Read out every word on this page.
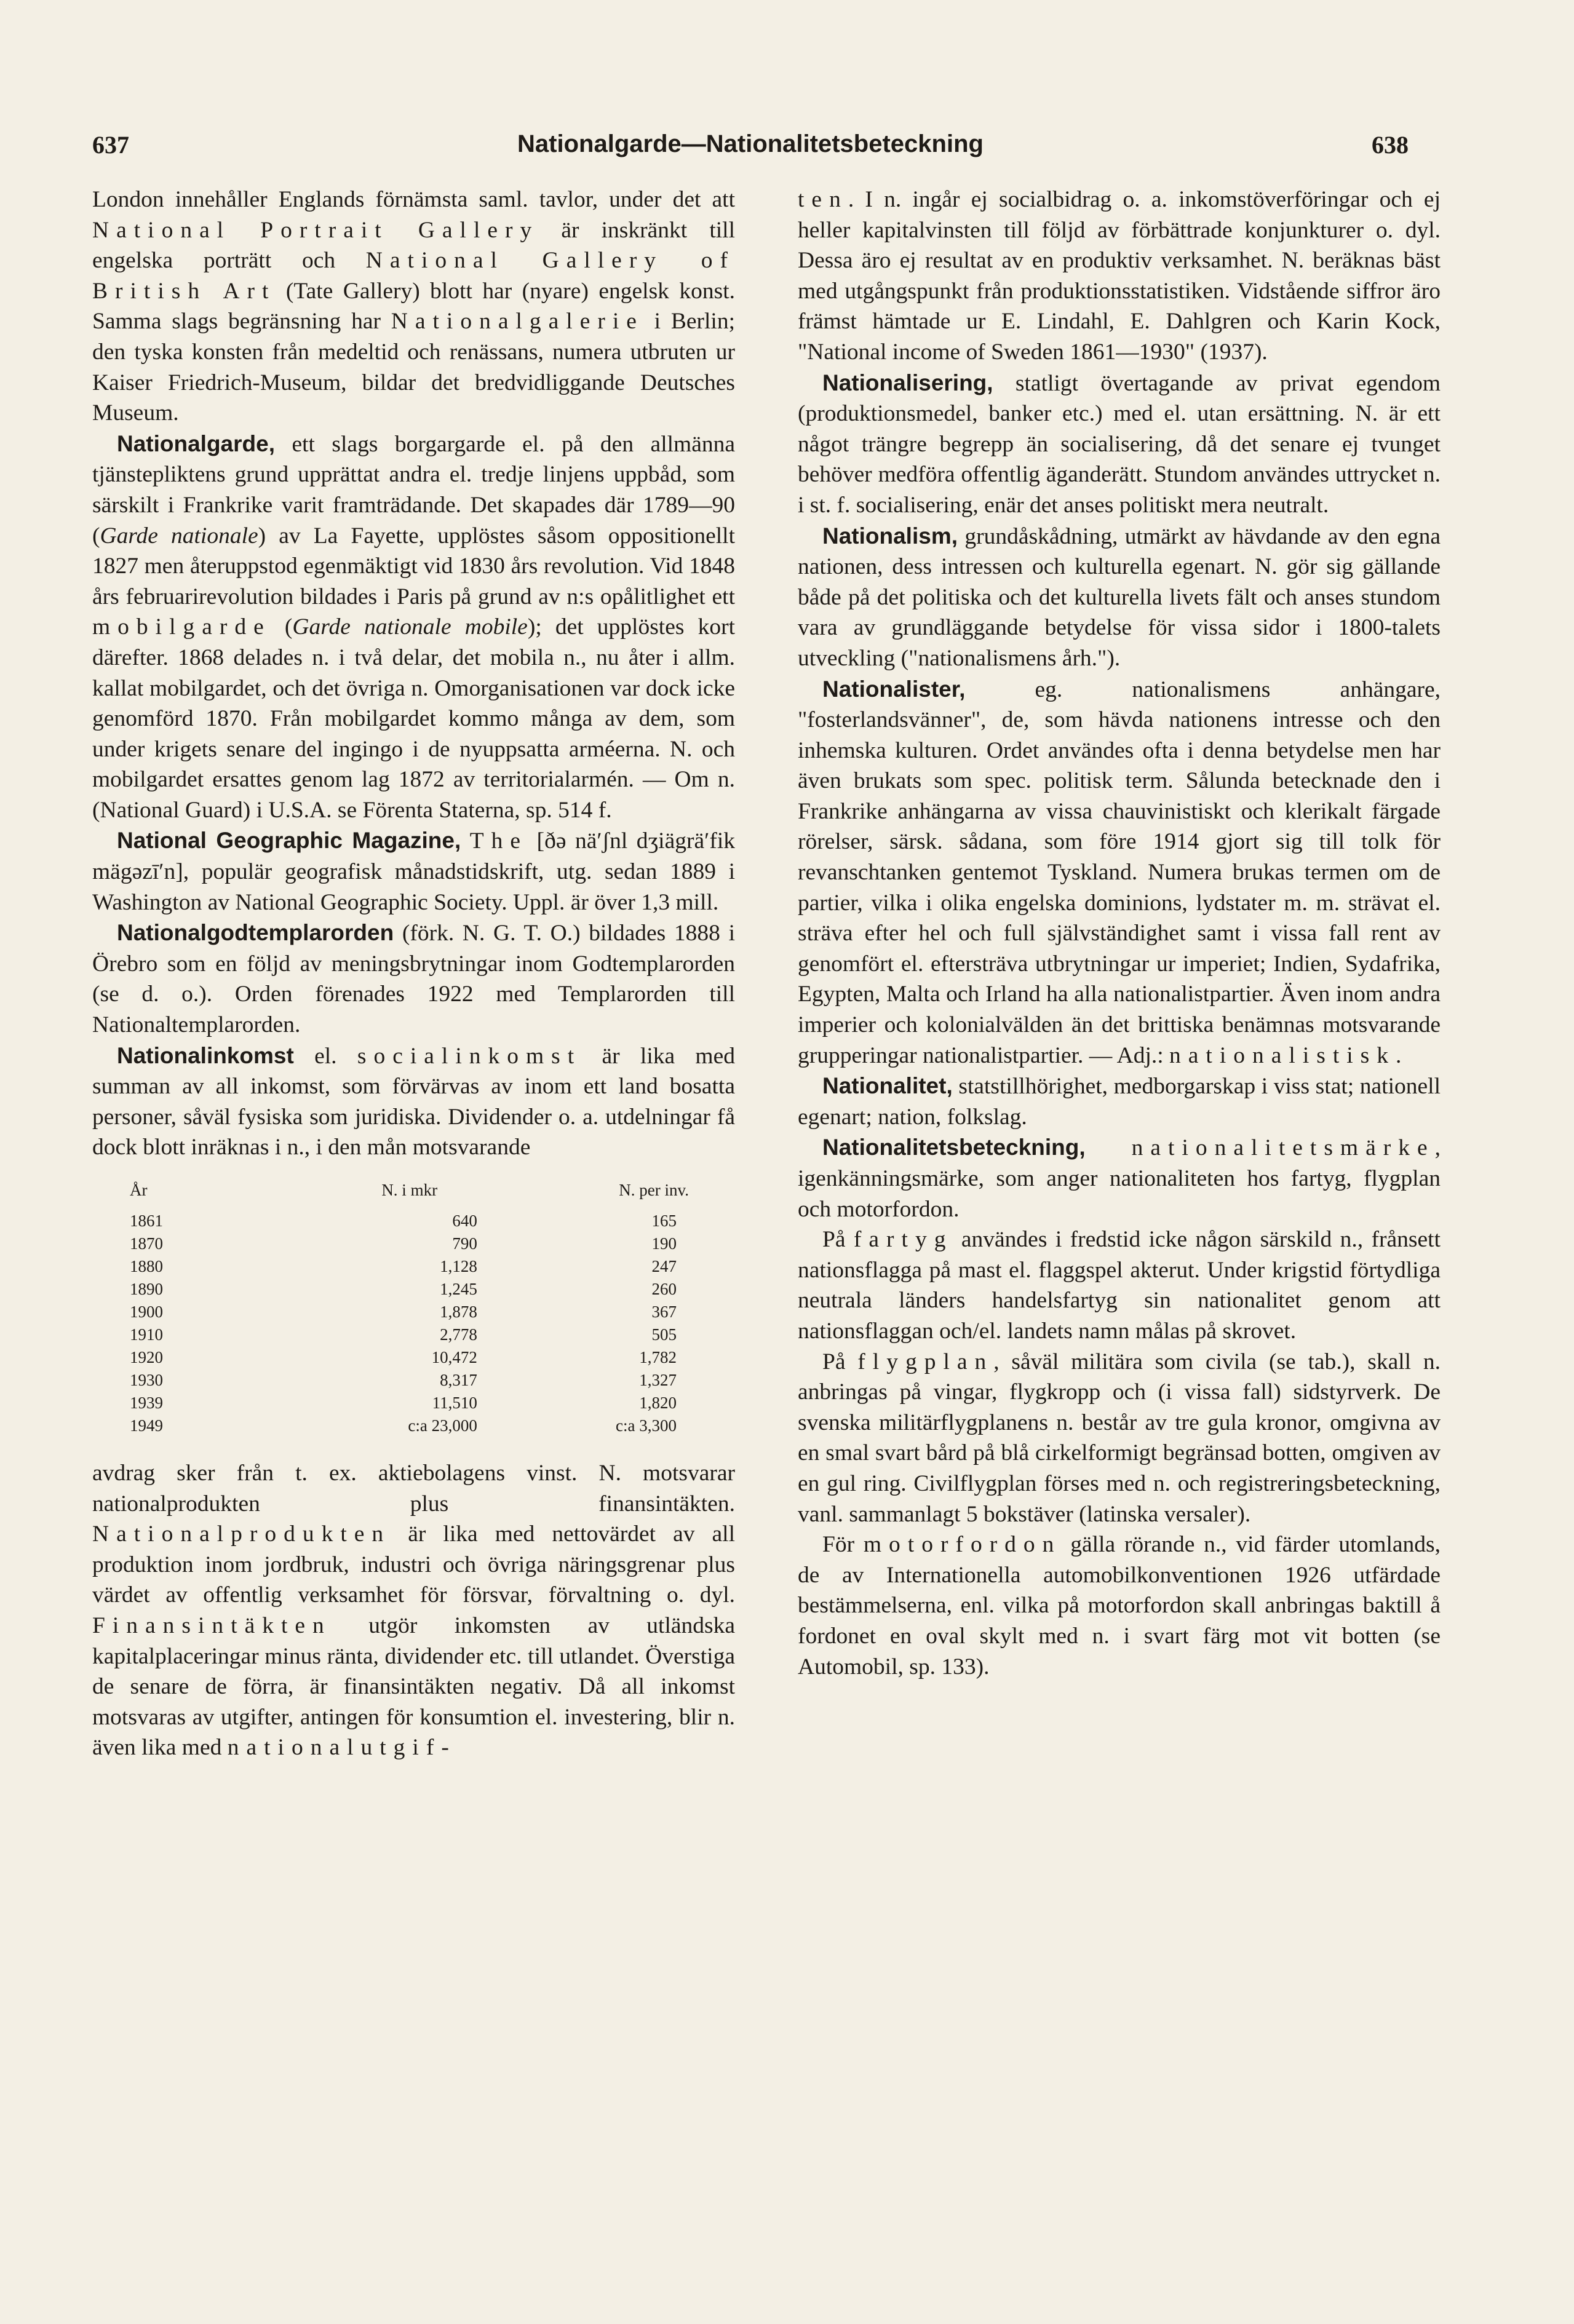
637	Nationalgarde—Nationalitetsbeteckning	638

London innehåller Englands förnämsta saml. tavlor, under det att National Portrait Gallery är inskränkt till engelska porträtt och National Gallery of British Art (Tate Gallery) blott har (nyare) engelsk konst. Samma slags begränsning har Nationalgalerie i Berlin; den tyska konsten från medeltid och renässans, numera utbruten ur Kaiser Friedrich-Museum, bildar det bredvidliggande Deutsches Museum.

Nationalgarde, ett slags borgargarde el. på den allmänna tjänstepliktens grund upprättat andra el. tredje linjens uppbåd, som särskilt i Frankrike varit framträdande. Det skapades där 1789—90 (Garde nationale) av La Fayette, upplöstes såsom oppositionellt 1827 men återuppstod egenmäktigt vid 1830 års revolution. Vid 1848 års februarirevolution bildades i Paris på grund av n:s opålitlighet ett mobilgarde (Garde nationale mobile); det upplöstes kort därefter. 1868 delades n. i två delar, det mobila n., nu åter i allm. kallat mobilgardet, och det övriga n. Omorganisationen var dock icke genomförd 1870. Från mobilgardet kommo många av dem, som under krigets senare del ingingo i de nyuppsatta arméerna. N. och mobilgardet ersattes genom lag 1872 av territorialarmén. — Om n. (National Guard) i U.S.A. se Förenta Staterna, sp. 514 f.

National Geographic Magazine, The [ðə näʹʃnl dʒiägräʹfik mägəzīʹn], populär geografisk månadstidskrift, utg. sedan 1889 i Washington av National Geographic Society. Uppl. är över 1,3 mill.

Nationalgodtemplarorden (förk. N. G. T. O.) bildades 1888 i Örebro som en följd av meningsbrytningar inom Godtemplarorden (se d. o.). Orden förenades 1922 med Templarorden till Nationaltemplarorden.

Nationalinkomst el. socialinkomst är lika med summan av all inkomst, som förvärvas av inom ett land bosatta personer, såväl fysiska som juridiska. Dividender o. a. utdelningar få dock blott inräknas i n., i den mån motsvarande

År	N. i mkr	N. per inv.
1861	640	165
1870	790	190
1880	1,128	247
1890	1,245	260
1900	1,878	367
1910	2,778	505
1920	10,472	1,782
1930	8,317	1,327
1939	11,510	1,820
1949	c:a 23,000	c:a 3,300

avdrag sker från t. ex. aktiebolagens vinst. N. motsvarar nationalprodukten plus finansintäkten. Nationalprodukten är lika med nettovärdet av all produktion inom jordbruk, industri och övriga näringsgrenar plus värdet av offentlig verksamhet för försvar, förvaltning o. dyl. Finansintäkten utgör inkomsten av utländska kapitalplaceringar minus ränta, dividender etc. till utlandet. Överstiga de senare de förra, är finansintäkten negativ. Då all inkomst motsvaras av utgifter, antingen för konsumtion el. investering, blir n. även lika med nationalutgif-

ten. I n. ingår ej socialbidrag o. a. inkomstöverföringar och ej heller kapitalvinsten till följd av förbättrade konjunkturer o. dyl. Dessa äro ej resultat av en produktiv verksamhet. N. beräknas bäst med utgångspunkt från produktionsstatistiken. Vidstående siffror äro främst hämtade ur E. Lindahl, E. Dahlgren och Karin Kock, "National income of Sweden 1861—1930" (1937).

Nationalisering, statligt övertagande av privat egendom (produktionsmedel, banker etc.) med el. utan ersättning. N. är ett något trängre begrepp än socialisering, då det senare ej tvunget behöver medföra offentlig äganderätt. Stundom användes uttrycket n. i st. f. socialisering, enär det anses politiskt mera neutralt.

Nationalism, grundåskådning, utmärkt av hävdande av den egna nationen, dess intressen och kulturella egenart. N. gör sig gällande både på det politiska och det kulturella livets fält och anses stundom vara av grundläggande betydelse för vissa sidor i 1800-talets utveckling ("nationalismens årh.").

Nationalister, eg. nationalismens anhängare, "fosterlandsvänner", de, som hävda nationens intresse och den inhemska kulturen. Ordet användes ofta i denna betydelse men har även brukats som spec. politisk term. Sålunda betecknade den i Frankrike anhängarna av vissa chauvinistiskt och klerikalt färgade rörelser, särsk. sådana, som före 1914 gjort sig till tolk för revanschtanken gentemot Tyskland. Numera brukas termen om de partier, vilka i olika engelska dominions, lydstater m. m. strävat el. sträva efter hel och full självständighet samt i vissa fall rent av genomfört el. eftersträva utbrytningar ur imperiet; Indien, Sydafrika, Egypten, Malta och Irland ha alla nationalistpartier. Även inom andra imperier och kolonialvälden än det brittiska benämnas motsvarande grupperingar nationalistpartier. — Adj.: nationalistisk.

Nationalitet, statstillhörighet, medborgarskap i viss stat; nationell egenart; nation, folkslag.

Nationalitetsbeteckning, nationalitetsmärke, igenkänningsmärke, som anger nationaliteten hos fartyg, flygplan och motorfordon.

På fartyg användes i fredstid icke någon särskild n., frånsett nationsflagga på mast el. flaggspel akterut. Under krigstid förtydliga neutrala länders handelsfartyg sin nationalitet genom att nationsflaggan och/el. landets namn målas på skrovet.

På flygplan, såväl militära som civila (se tab.), skall n. anbringas på vingar, flygkropp och (i vissa fall) sidstyrverk. De svenska militärflygplanens n. består av tre gula kronor, omgivna av en smal svart bård på blå cirkelformigt begränsad botten, omgiven av en gul ring. Civilflygplan förses med n. och registreringsbeteckning, vanl. sammanlagt 5 bokstäver (latinska versaler).

För motorfordon gälla rörande n., vid färder utomlands, de av Internationella automobilkonventionen 1926 utfärdade bestämmelserna, enl. vilka på motorfordon skall anbringas baktill å fordonet en oval skylt med n. i svart färg mot vit botten (se Automobil, sp. 133).
